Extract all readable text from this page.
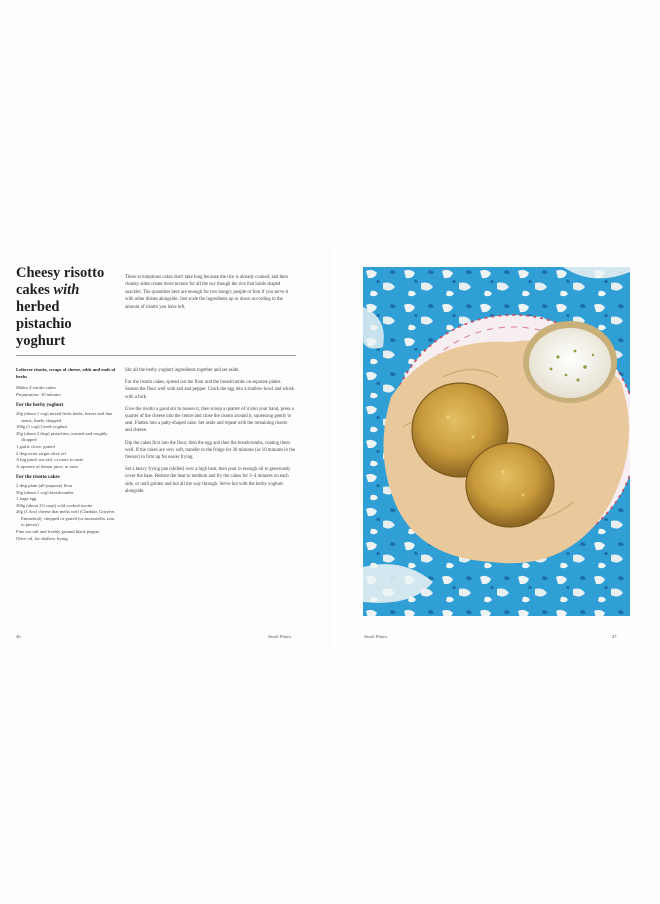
Cheesy risotto
cakes with
herbed pistachio
yoghurt
These scrumptious cakes don't take long because the rice is already cooked, and their chunky sides create more texture for all the soy though the rice that holds shaped snacklet. The quantities here are enough for two hungry people or four if you serve it with other dishes alongside. Just scale the ingredients up or down according to the amount of risotto you have left.
Leftover risotto, scraps of cheese, odds and ends of herbs
Makes 4 risotto cakes
Preparation: 30 minutes
For the herby yoghurt
20g (about 1 cup) mixed fresh herbs, leaves and fine stems, finely chopped
100g (1 cup) Greek yoghurt
20g (about 2 tbsp) pistachios, toasted and roughly chopped
1 garlic clove, grated
2 tbsp extra virgin olive oil
A big pinch sea salt, or more to taste
A squeeze of lemon juice, to taste
For the risotto cakes
2 tbsp plain (all-purpose) flour
50g (about 1 cup) breadcrumbs
1 large egg
300g (about 2½ cups) cold cooked risotto
20g (1.5oz) cheese that melts well (Cheddar, Gruyère, Emmental), chopped or grated (or mozzarella, torn to pieces)
Fine sea salt and freshly ground black pepper
Olive oil, for shallow frying

Stir all the herby yoghurt ingredients together and set aside.

For the risotto cakes, spread out the flour and the breadcrumbs on separate plates. Season the flour well with salt and pepper. Crack the egg into a shallow bowl and whisk with a fork.

Give the risotto a good stir to loosen it, then scoop a quarter of it into your hand, press a quarter of the cheese into the centre and close the risotto around it, squeezing gently to seal. Flatten into a patty-shaped cake. Set aside and repeat with the remaining risotto and cheese.

Dip the cakes first into the flour, then the egg and then the breadcrumbs, coating them well. If the cakes are very soft, transfer to the fridge for 30 minutes (or 10 minutes in the freezer) to firm up for easier frying.

Set a heavy frying pan (skillet) over a high heat, then pour in enough oil to generously cover the base. Reduce the heat to medium and fry the cakes for 3–4 minutes on each side, or until golden and hot all the way through. Serve hot with the herby yoghurt alongside.

46	Small Plates	Small Plates	47
